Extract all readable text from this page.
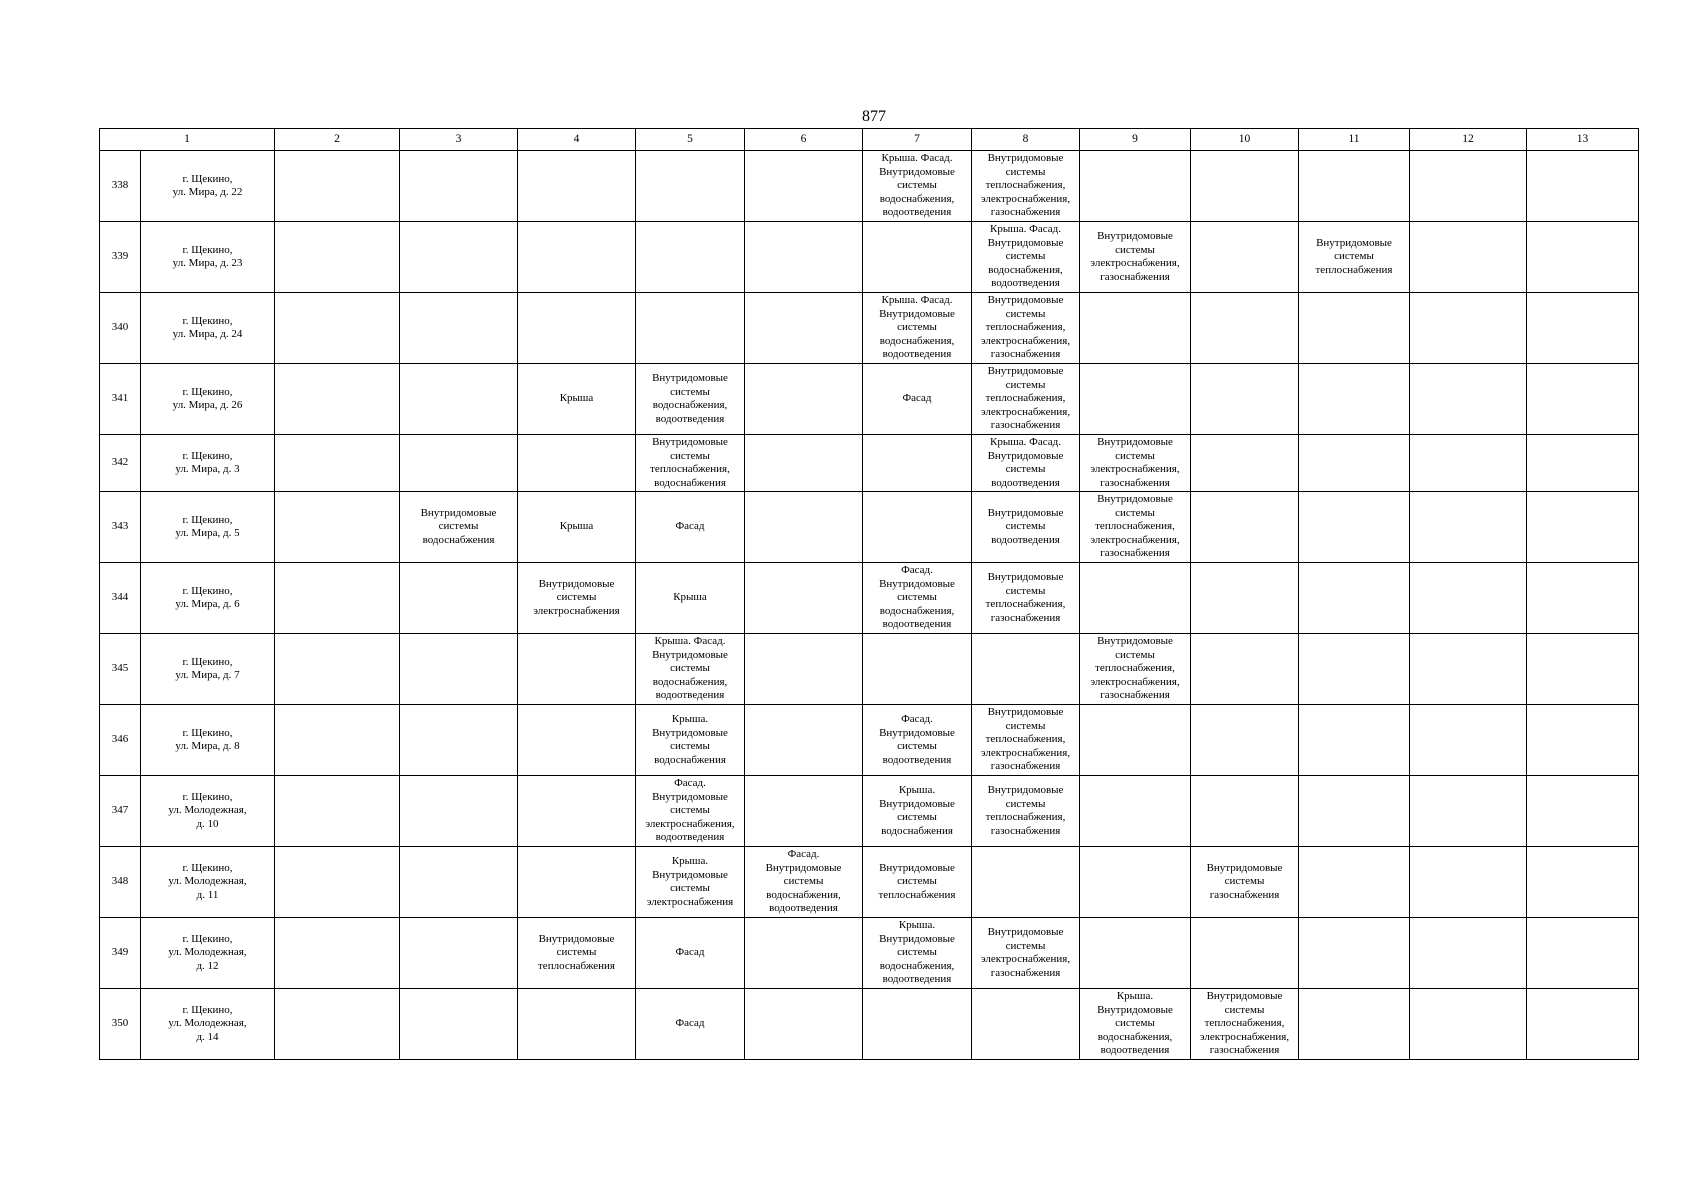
877
1		2	3	4	5	6	7	8	9	10	11	12	13
338	г. Щекино,
ул. Мира, д. 22						Крыша. Фасад.
Внутридомовые
системы
водоснабжения,
водоотведения	Внутридомовые
системы
теплоснабжения,
электроснабжения,
газоснабжения					
339	г. Щекино,
ул. Мира, д. 23							Крыша. Фасад.
Внутридомовые
системы
водоснабжения,
водоотведения	Внутридомовые
системы
электроснабжения,
газоснабжения		Внутридомовые
системы
теплоснабжения		
340	г. Щекино,
ул. Мира, д. 24						Крыша. Фасад.
Внутридомовые
системы
водоснабжения,
водоотведения	Внутридомовые
системы
теплоснабжения,
электроснабжения,
газоснабжения					
341	г. Щекино,
ул. Мира, д. 26			Крыша	Внутридомовые
системы
водоснабжения,
водоотведения		Фасад	Внутридомовые
системы
теплоснабжения,
электроснабжения,
газоснабжения					
342	г. Щекино,
ул. Мира, д. 3				Внутридомовые
системы
теплоснабжения,
водоснабжения			Крыша. Фасад.
Внутридомовые
системы
водоотведения	Внутридомовые
системы
электроснабжения,
газоснабжения				
343	г. Щекино,
ул. Мира, д. 5		Внутридомовые
системы
водоснабжения	Крыша	Фасад			Внутридомовые
системы
водоотведения	Внутридомовые
системы
теплоснабжения,
электроснабжения,
газоснабжения				
344	г. Щекино,
ул. Мира, д. 6			Внутридомовые
системы
электроснабжения	Крыша		Фасад.
Внутридомовые
системы
водоснабжения,
водоотведения	Внутридомовые
системы
теплоснабжения,
газоснабжения					
345	г. Щекино,
ул. Мира, д. 7				Крыша. Фасад.
Внутридомовые
системы
водоснабжения,
водоотведения				Внутридомовые
системы
теплоснабжения,
электроснабжения,
газоснабжения				
346	г. Щекино,
ул. Мира, д. 8				Крыша.
Внутридомовые
системы
водоснабжения		Фасад.
Внутридомовые
системы
водоотведения	Внутридомовые
системы
теплоснабжения,
электроснабжения,
газоснабжения					
347	г. Щекино,
ул. Молодежная,
д. 10				Фасад.
Внутридомовые
системы
электроснабжения,
водоотведения		Крыша.
Внутридомовые
системы
водоснабжения	Внутридомовые
системы
теплоснабжения,
газоснабжения					
348	г. Щекино,
ул. Молодежная,
д. 11				Крыша.
Внутридомовые
системы
электроснабжения	Фасад.
Внутридомовые
системы
водоснабжения,
водоотведения	Внутридомовые
системы
теплоснабжения			Внутридомовые
системы
газоснабжения			
349	г. Щекино,
ул. Молодежная,
д. 12			Внутридомовые
системы
теплоснабжения	Фасад		Крыша.
Внутридомовые
системы
водоснабжения,
водоотведения	Внутридомовые
системы
электроснабжения,
газоснабжения					
350	г. Щекино,
ул. Молодежная,
д. 14				Фасад				Крыша.
Внутридомовые
системы
водоснабжения,
водоотведения	Внутридомовые
системы
теплоснабжения,
электроснабжения,
газоснабжения			
